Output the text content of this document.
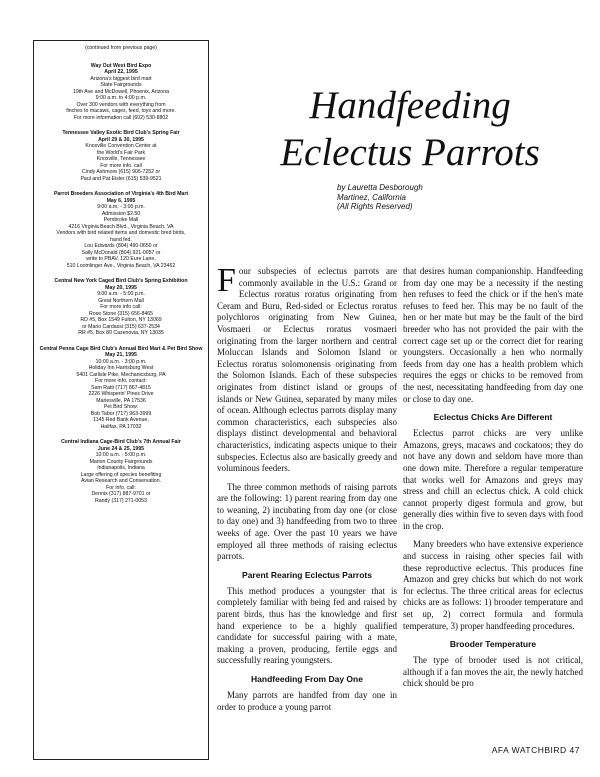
(continued from previous page)
Way Out West Bird Expo
April 22, 1995
Arizona's biggest bird mart
State Fairgrounds
19th Ave and McDowell, Phoenix, Arizona
9:00 a.m. to 4:00 p.m.
Over 300 vendors with everything from
finches to macaws, cages, feed, toys and more.
For more information call (602) 530-8802
Tennessee Valley Exotic Bird Club's Spring Fair
April 29 & 30, 1995
Knoxville Convention Center at
the World's Fair Park
Knoxville, Tennessee
For more info. call
Cindy Ashmore (615) 906-7252 or
Paul and Pat Eisler (615) 539-9521
Parrot Breeders Association of Virginia's 4th Bird Mart
May 6, 1995
9:00 a.m. - 3:00 p.m.
Admission $2.50
Pembroke Mall
4216 Virginia Beach Blvd., Virginia Beach, VA
Vendors with bird related items and domestic bred birds,
hand fed.
Lou Edwards (804) 490-0650 or
Sally McDonald (804) 921-0057 or
write to PBAV, 120 Eure Lane,
510 Loomlinger Ave., Virginia Beach, VA 23462
Central New York Caged Bird Club's Spring Exhibition
May 20, 1995
9:00 a.m. - 5:00 p.m.
Great Northern Mall
For more info call:
Rose Stone (315) 656-8465
RD #5, Box 1549 Fulton, NY 13069
or Mario Cardassi (315) 637-2534
RR #5, Box 80 Cazenovia, NY 13035
Central Penna Cage Bird Club's Annual Bird Mart & Pet Bird Show
May 21, 1995
10:00 a.m. - 3:00 p.m.
Holiday Inn Harrisburg West
5401 Carlisle Pike, Mechanicsburg, PA
For more info. contact:
Sam Ratti (717) 867-4815
2226 Whisperin' Pines Drive
Mariesville, PA 17536
Pet Bird Show:
Bob Tabor (717) 963-3999
1145 Red Bank Avenue,
Halifax, PA 17032
Central Indiana Cage-Bird Club's 7th Annual Fair
June 24 & 25, 1995
10:00 a.m. - 5:00 p.m.
Marion County Fairgrounds
Indianapolis, Indiana
Large offering of species benefiting
Avian Research and Conservation.
For info. call:
Dennis (317) 887-9701 or
Randy (317) 271-0053
Handfeeding
Eclectus Parrots
by Lauretta Desborough
Martinez, California
(All Rights Reserved)

Four subspecies of eclectus parrots are commonly available in the U.S.: Grand or Eclectus roratus roratus originating from Ceram and Buru, Red-sided or Eclectus roratus polychloros originating from New Guinea, Vosmaeri or Eclectus roratus vosmaeri originating from the larger northern and central Moluccan Islands and Solomon Island or Eclectus roratus solomonensis originating from the Solomon Islands. Each of these subspecies originates from distinct island or groups of islands or New Guinea, separated by many miles of ocean. Although eclectus parrots display many common characteristics, each subspecies also displays distinct developmental and behavioral characteristics, indicating aspects unique to their subspecies. Eclectus also are basically greedy and voluminous feeders.

The three common methods of raising parrots are the following: 1) parent rearing from day one to weaning, 2) incubating from day one (or close to day one) and 3) handfeeding from two to three weeks of age. Over the past 10 years we have employed all three methods of raising eclectus parrots.

Parent Rearing Eclectus Parrots

This method produces a youngster that is completely familiar with being fed and raised by parent birds, thus has the knowledge and first hand experience to be a highly qualified candidate for successful pairing with a mate, making a proven, producing, fertile eggs and successfully rearing youngsters.

Handfeeding From Day One

Many parrots are handfed from day one in order to produce a young parrot

that desires human companionship. Handfeeding from day one may be a necessity if the nesting hen refuses to feed the chick or if the hen's mate refuses to feed her. This may be no fault of the hen or her mate but may be the fault of the bird breeder who has not provided the pair with the correct cage set up or the correct diet for rearing youngsters. Occasionally a hen who normally feeds from day one has a health problem which requires the eggs or chicks to be removed from the nest, necessitating handfeeding from day one or close to day one.

Eclectus Chicks Are Different

Eclectus parrot chicks are very unlike Amazons, greys, macaws and cockatoos; they do not have any down and seldom have more than one down mite. Therefore a regular temperature that works well for Amazons and greys may stress and chill an eclectus chick. A cold chick cannot properly digest formula and grow, but generally dies within five to seven days with food in the crop.

Many breeders who have extensive experience and success in raising other species fail with these reproductive eclectus. This produces fine Amazon and grey chicks but which do not work for eclectus. The three critical areas for eclectus chicks are as follows: 1) brooder temperature and set up, 2) correct formula and formula temperature, 3) proper handfeeding procedures.

Brooder Temperature

The type of brooder used is not critical, although if a fan moves the air, the newly hatched chick should be pro

AFA WATCHBIRD 47
